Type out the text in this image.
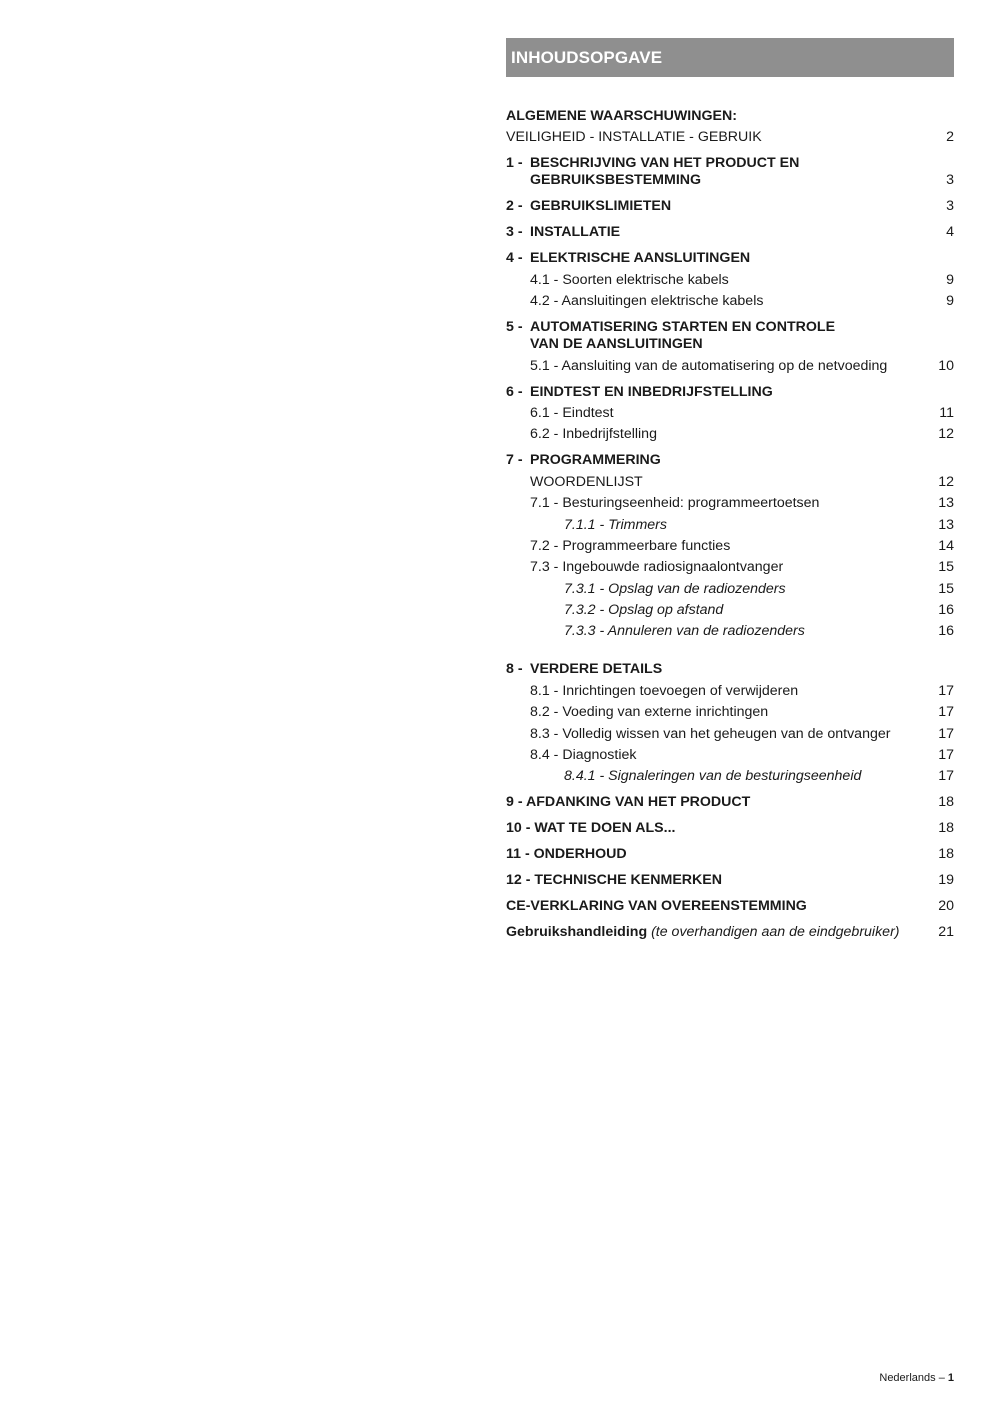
INHOUDSOPGAVE
ALGEMENE WAARSCHUWINGEN:
VEILIGHEID - INSTALLATIE - GEBRUIK	2
1 - BESCHRIJVING VAN HET PRODUCT EN
GEBRUIKSBESTEMMING	3
2 - GEBRUIKSLIMIETEN	3
3 - INSTALLATIE	4
4 - ELEKTRISCHE AANSLUITINGEN
4.1 - Soorten elektrische kabels	9
4.2 - Aansluitingen elektrische kabels	9
5 - AUTOMATISERING STARTEN EN CONTROLE
VAN DE AANSLUITINGEN
5.1 - Aansluiting van de automatisering op de netvoeding	10
6 - EINDTEST EN INBEDRIJFSTELLING
6.1 - Eindtest	11
6.2 - Inbedrijfstelling	12
7 - PROGRAMMERING
WOORDENLIJST	12
7.1 - Besturingseenheid: programmeertoetsen	13
7.1.1 - Trimmers	13
7.2 - Programmeerbare functies	14
7.3 - Ingebouwde radiosignaalontvanger	15
7.3.1 - Opslag van de radiozenders	15
7.3.2 - Opslag op afstand	16
7.3.3 - Annuleren van de radiozenders	16
8 - VERDERE DETAILS
8.1 - Inrichtingen toevoegen of verwijderen	17
8.2 - Voeding van externe inrichtingen	17
8.3 - Volledig wissen van het geheugen van de ontvanger	17
8.4 - Diagnostiek	17
8.4.1 - Signaleringen van de besturingseenheid	17
9 - AFDANKING VAN HET PRODUCT	18
10 - WAT TE DOEN ALS...	18
11 - ONDERHOUD	18
12 - TECHNISCHE KENMERKEN	19
CE-VERKLARING VAN OVEREENSTEMMING	20
Gebruikshandleiding (te overhandigen aan de eindgebruiker)	21
Nederlands – 1
